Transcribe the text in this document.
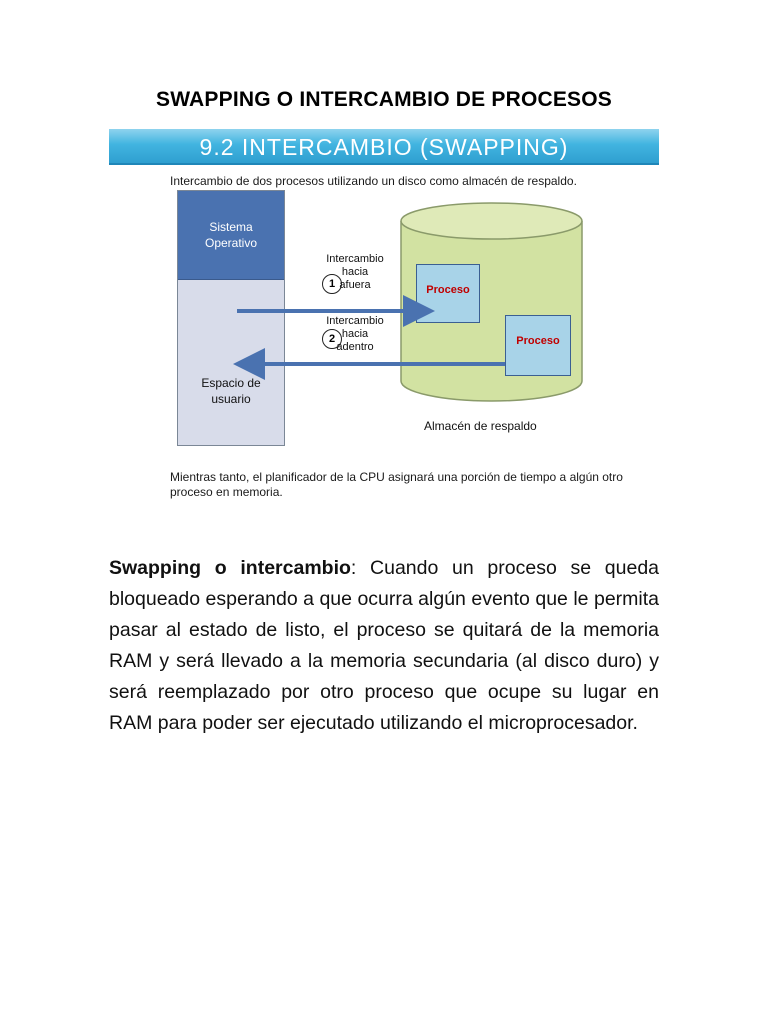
SWAPPING O INTERCAMBIO DE PROCESOS
9.2 INTERCAMBIO (SWAPPING)
Intercambio de dos procesos utilizando un disco como almacén de respaldo.
Sistema
Operativo
Espacio de
usuario
Proceso
Proceso
1
Intercambio
hacia
afuera
2
Intercambio
hacia
adentro
Almacén de respaldo
Mientras tanto, el planificador de la CPU asignará una porción de tiempo a algún otro proceso en memoria.
Swapping o intercambio: Cuando un proceso se queda bloqueado esperando a que ocurra algún evento que le permita pasar al estado de listo, el proceso se quitará de la memoria RAM y será llevado a la memoria secundaria (al disco duro) y será reemplazado por otro proceso que ocupe su lugar en RAM para poder ser ejecutado utilizando el microprocesador.
